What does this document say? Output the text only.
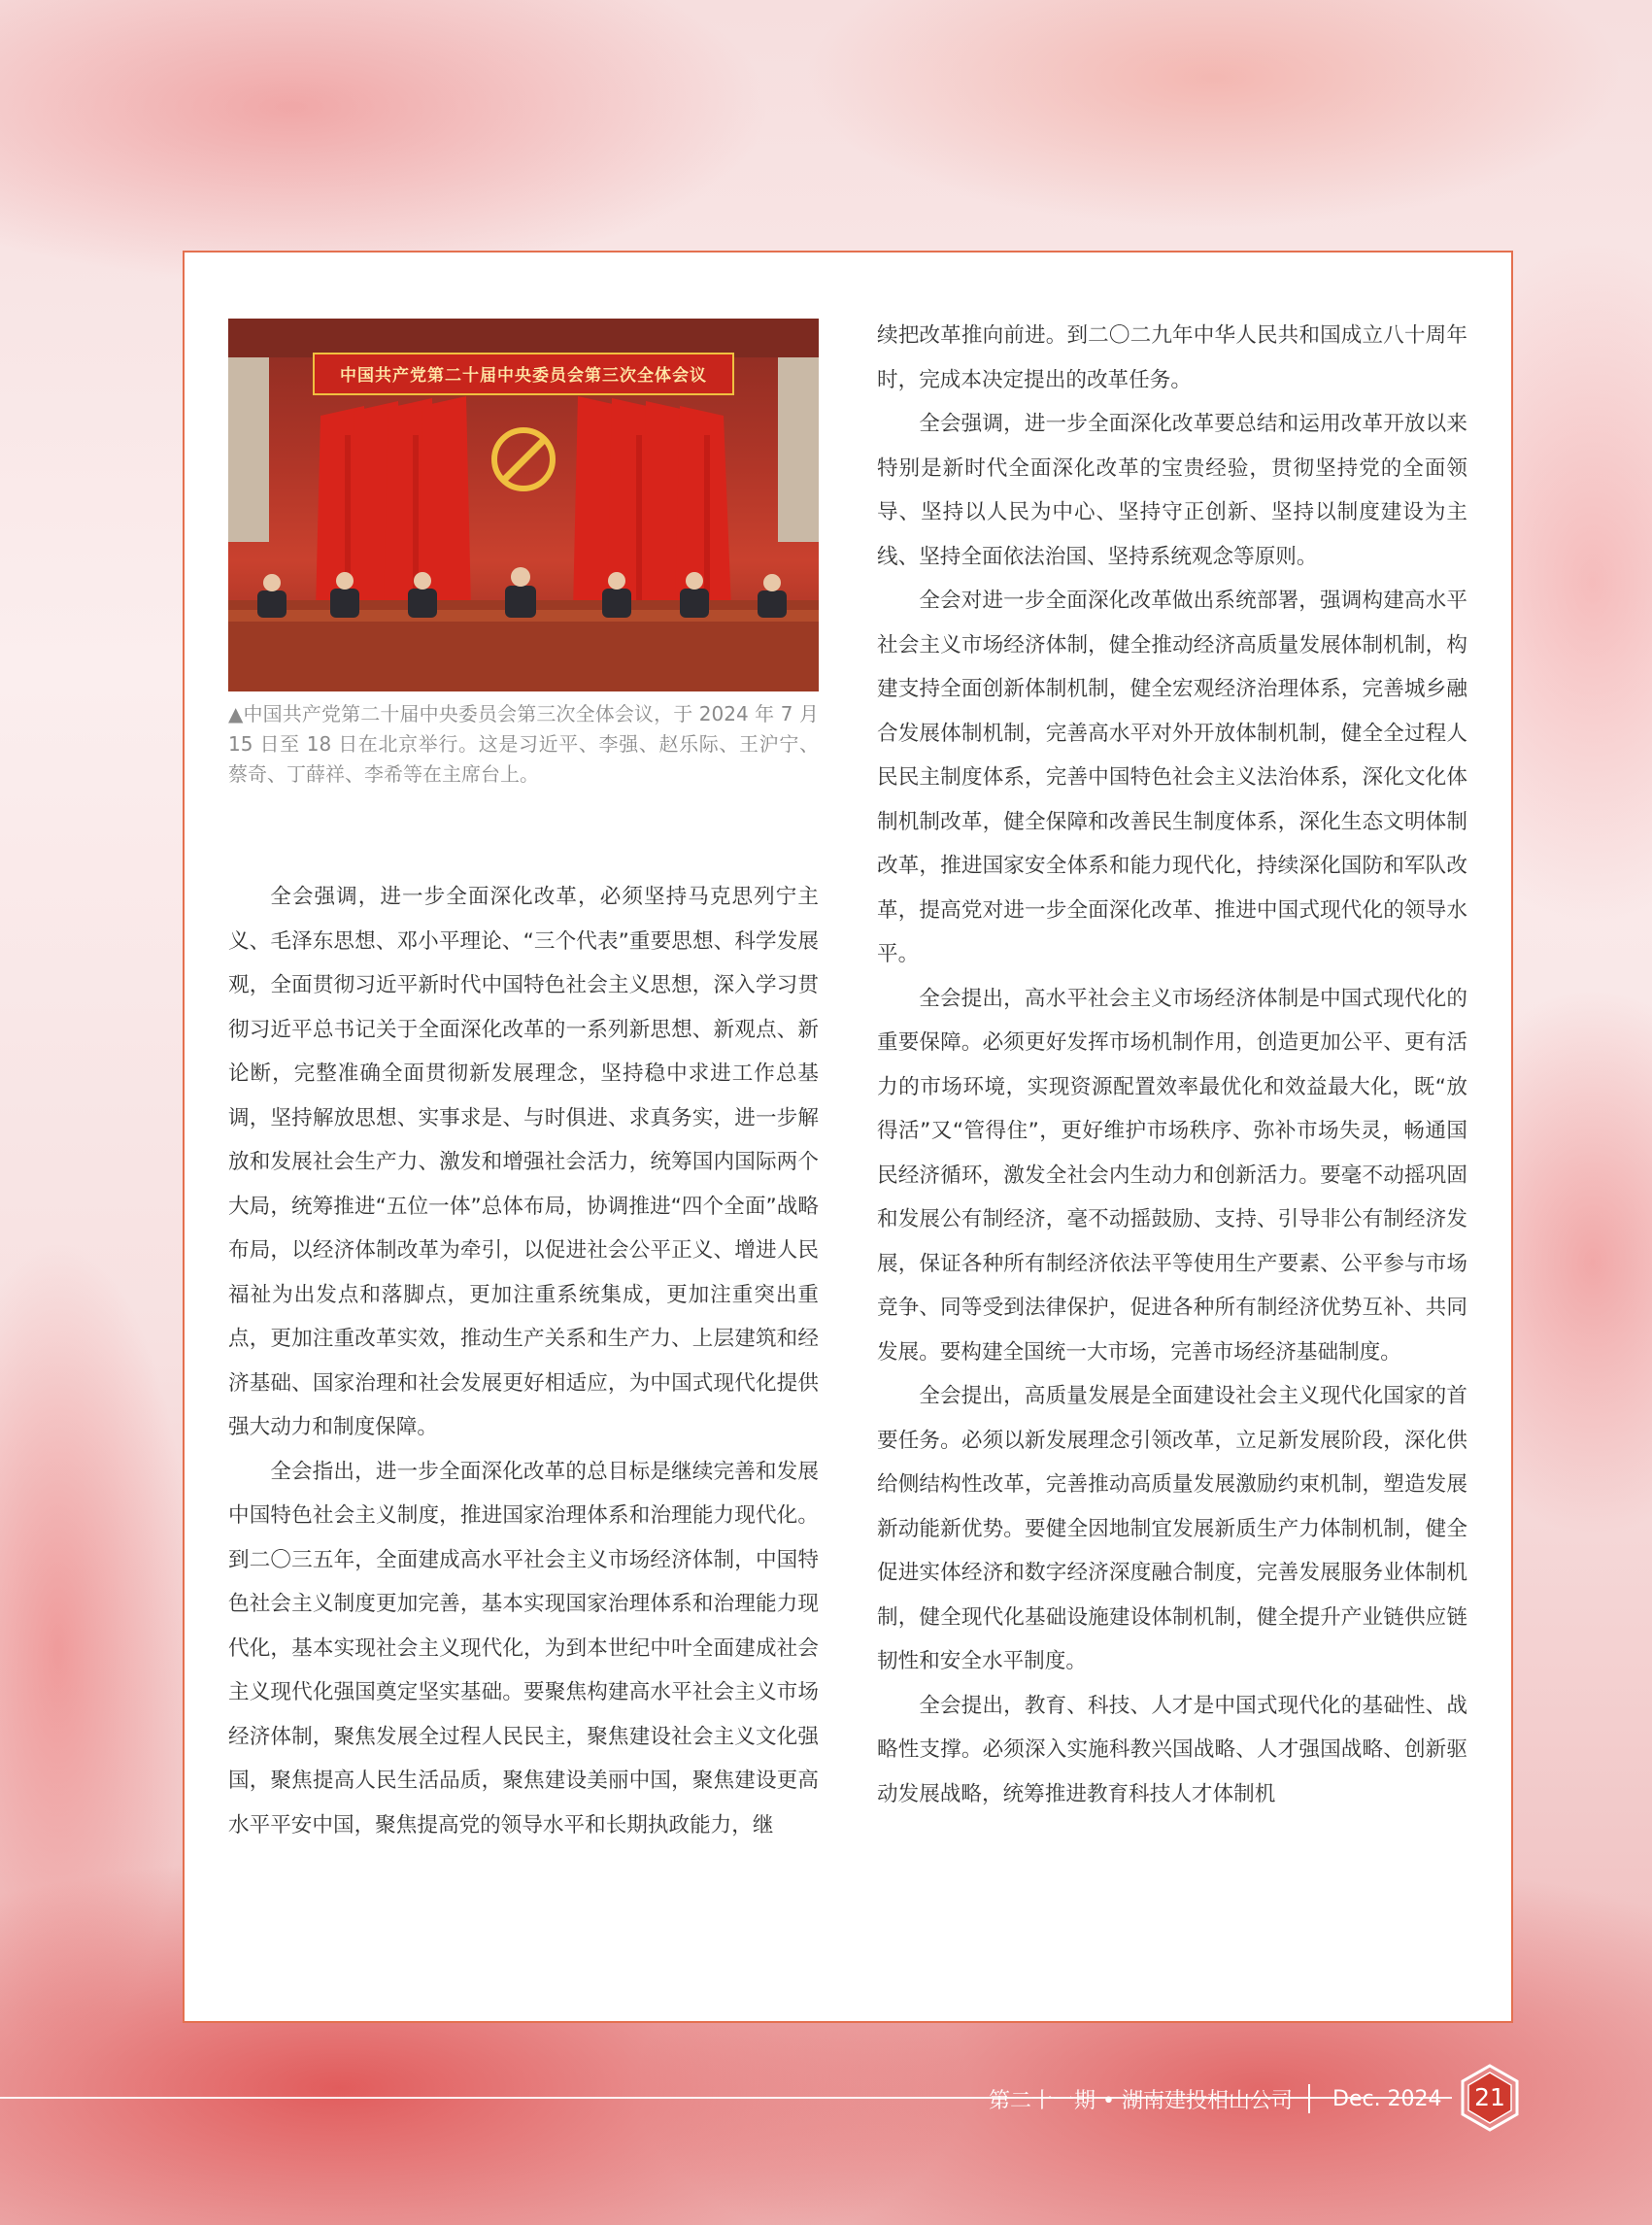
中国共产党第二十届中央委员会第三次全体会议
▲中国共产党第二十届中央委员会第三次全体会议，于 2024 年 7 月 15 日至 18 日在北京举行。这是习近平、李强、赵乐际、王沪宁、蔡奇、丁薛祥、李希等在主席台上。

全会强调，进一步全面深化改革，必须坚持马克思列宁主义、毛泽东思想、邓小平理论、“三个代表”重要思想、科学发展观，全面贯彻习近平新时代中国特色社会主义思想，深入学习贯彻习近平总书记关于全面深化改革的一系列新思想、新观点、新论断，完整准确全面贯彻新发展理念，坚持稳中求进工作总基调，坚持解放思想、实事求是、与时俱进、求真务实，进一步解放和发展社会生产力、激发和增强社会活力，统筹国内国际两个大局，统筹推进“五位一体”总体布局，协调推进“四个全面”战略布局，以经济体制改革为牵引，以促进社会公平正义、增进人民福祉为出发点和落脚点，更加注重系统集成，更加注重突出重点，更加注重改革实效，推动生产关系和生产力、上层建筑和经济基础、国家治理和社会发展更好相适应，为中国式现代化提供强大动力和制度保障。

全会指出，进一步全面深化改革的总目标是继续完善和发展中国特色社会主义制度，推进国家治理体系和治理能力现代化。到二〇三五年，全面建成高水平社会主义市场经济体制，中国特色社会主义制度更加完善，基本实现国家治理体系和治理能力现代化，基本实现社会主义现代化，为到本世纪中叶全面建成社会主义现代化强国奠定坚实基础。要聚焦构建高水平社会主义市场经济体制，聚焦发展全过程人民民主，聚焦建设社会主义文化强国，聚焦提高人民生活品质，聚焦建设美丽中国，聚焦建设更高水平平安中国，聚焦提高党的领导水平和长期执政能力，继

续把改革推向前进。到二〇二九年中华人民共和国成立八十周年时，完成本决定提出的改革任务。

全会强调，进一步全面深化改革要总结和运用改革开放以来特别是新时代全面深化改革的宝贵经验，贯彻坚持党的全面领导、坚持以人民为中心、坚持守正创新、坚持以制度建设为主线、坚持全面依法治国、坚持系统观念等原则。

全会对进一步全面深化改革做出系统部署，强调构建高水平社会主义市场经济体制，健全推动经济高质量发展体制机制，构建支持全面创新体制机制，健全宏观经济治理体系，完善城乡融合发展体制机制，完善高水平对外开放体制机制，健全全过程人民民主制度体系，完善中国特色社会主义法治体系，深化文化体制机制改革，健全保障和改善民生制度体系，深化生态文明体制改革，推进国家安全体系和能力现代化，持续深化国防和军队改革，提高党对进一步全面深化改革、推进中国式现代化的领导水平。

全会提出，高水平社会主义市场经济体制是中国式现代化的重要保障。必须更好发挥市场机制作用，创造更加公平、更有活力的市场环境，实现资源配置效率最优化和效益最大化，既“放得活”又“管得住”，更好维护市场秩序、弥补市场失灵，畅通国民经济循环，激发全社会内生动力和创新活力。要毫不动摇巩固和发展公有制经济，毫不动摇鼓励、支持、引导非公有制经济发展，保证各种所有制经济依法平等使用生产要素、公平参与市场竞争、同等受到法律保护，促进各种所有制经济优势互补、共同发展。要构建全国统一大市场，完善市场经济基础制度。

全会提出，高质量发展是全面建设社会主义现代化国家的首要任务。必须以新发展理念引领改革，立足新发展阶段，深化供给侧结构性改革，完善推动高质量发展激励约束机制，塑造发展新动能新优势。要健全因地制宜发展新质生产力体制机制，健全促进实体经济和数字经济深度融合制度，完善发展服务业体制机制，健全现代化基础设施建设体制机制，健全提升产业链供应链韧性和安全水平制度。

全会提出，教育、科技、人才是中国式现代化的基础性、战略性支撑。必须深入实施科教兴国战略、人才强国战略、创新驱动发展战略，统筹推进教育科技人才体制机

第二十一期 • 湖南建投相山公司 Dec. 2024	21
